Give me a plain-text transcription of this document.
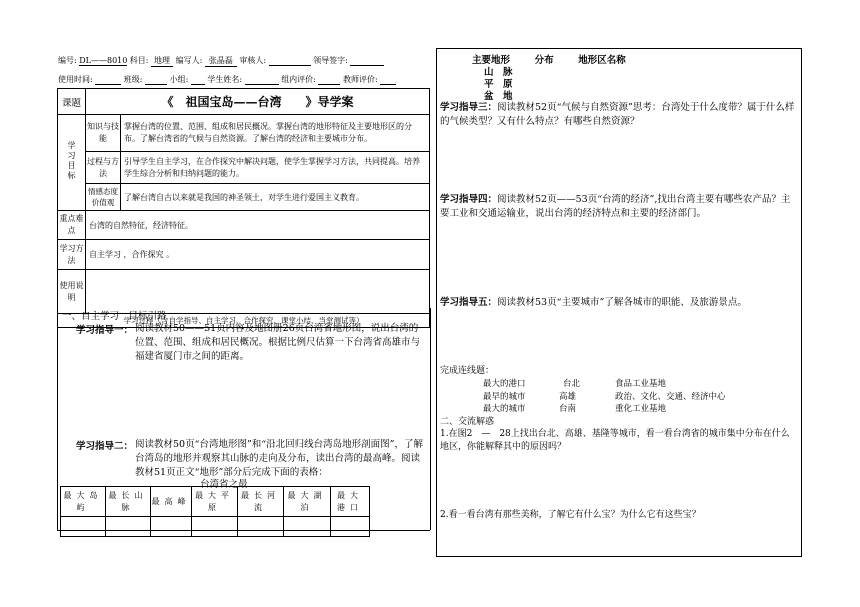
编号: DL——8010 科目: 地理 编写人: 张晶磊 审核人:	领导签字:
使用时间:	班级:	小组: 学生姓名:	组内评价:	教师评价:
课题	《　祖国宝岛——台湾　　》导学案	
学习目标	知识与技能	掌握台湾的位置、范围、组成和居民概况。掌握台湾的地形特征及主要地形区的分布。了解台湾省的气候与自然资源。了解台湾的经济和主要城市分布。
	过程与方法	引导学生自主学习，在合作探究中解决问题，使学生掌握学习方法，共同提高。培养学生综合分析和归纳问题的能力。
	情感态度价值观	了解台湾自古以来就是我国的神圣领土，对学生进行爱国主义教育。
重点难点	台湾的自然特征，经济特征。	
学习方法	自主学习 ，合作探究 。	
使用说明		
学习过程（含自学指导、自主学习、合作探究、课堂小结、当堂测试等）		
一、自主学习　目标引路
学习指导一： 阅读教材50——51页内容及地图册26页台湾省地形图，说出台湾的位置、范围、组成和居民概况。根据比例尺估算一下台湾省高雄市与福建省厦门市之间的距离。
学习指导二： 阅读教材50页“台湾地形图”和“沿北回归线台湾岛地形剖面图”，了解台湾岛的地形并观察其山脉的走向及分布，读出台湾的最高峰。阅读教材51页正文“地形”部分后完成下面的表格：
台湾省之最
最大岛屿	最长山脉	最高峰	最大平原	最长河流	最大湖泊	最大港口

主要地形	分布	地形区名称
山　脉
平　原
盆　地
学习指导三：阅读教材52页“气候与自然资源”思考：台湾处于什么度带？属于什么样的气候类型？又有什么特点？有哪些自然资源？
学习指导四：阅读教材52页——53页“台湾的经济”,找出台湾主要有哪些农产品？主要工业和交通运输业，说出台湾的经济特点和主要的经济部门。
学习指导五：阅读教材53页“主要城市”了解各城市的职能、及旅游景点。
完成连线题：
最大的港口	台北	食品工业基地
最早的城市	高雄	政治、文化、交通、经济中心
最大的城市	台南	重化工业基地
二、交流解惑
1.在图2　—　28上找出台北、高雄、基隆等城市，看一看台湾省的城市集中分布在什么地区，你能解释其中的原因吗？
2.看一看台湾有那些美称，了解它有什么宝？为什么它有这些宝？
